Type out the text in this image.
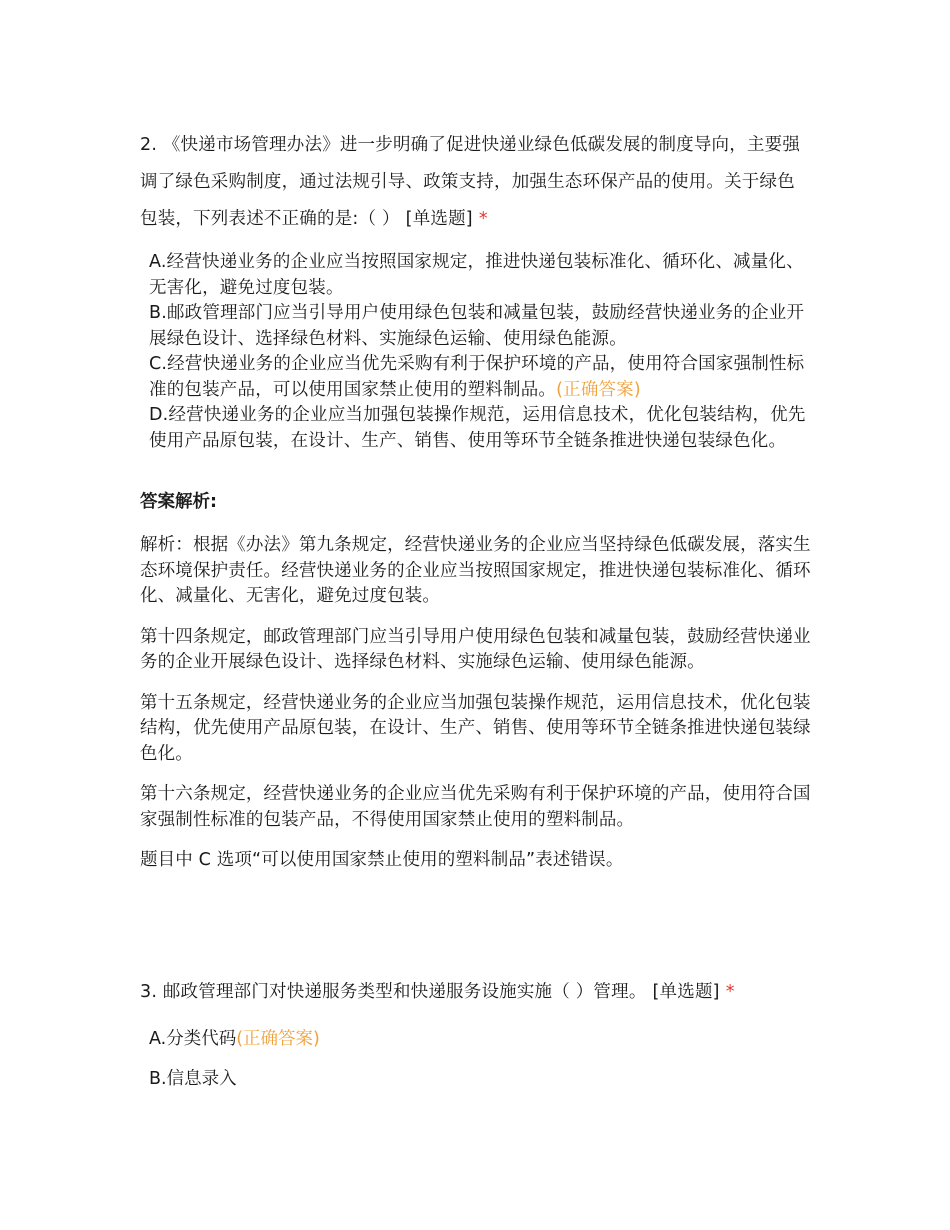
2. 《快递市场管理办法》进一步明确了促进快递业绿色低碳发展的制度导向，主要强调了绿色采购制度，通过法规引导、政策支持，加强生态环保产品的使用。关于绿色包装，下列表述不正确的是:（ ） [单选题] *
A.经营快递业务的企业应当按照国家规定，推进快递包装标准化、循环化、减量化、无害化，避免过度包装。
B.邮政管理部门应当引导用户使用绿色包装和减量包装，鼓励经营快递业务的企业开展绿色设计、选择绿色材料、实施绿色运输、使用绿色能源。
C.经营快递业务的企业应当优先采购有利于保护环境的产品，使用符合国家强制性标准的包装产品，可以使用国家禁止使用的塑料制品。(正确答案)
D.经营快递业务的企业应当加强包装操作规范，运用信息技术，优化包装结构，优先使用产品原包装，在设计、生产、销售、使用等环节全链条推进快递包装绿色化。
答案解析:

解析：根据《办法》第九条规定，经营快递业务的企业应当坚持绿色低碳发展，落实生态环境保护责任。经营快递业务的企业应当按照国家规定，推进快递包装标准化、循环化、减量化、无害化，避免过度包装。

第十四条规定，邮政管理部门应当引导用户使用绿色包装和减量包装，鼓励经营快递业务的企业开展绿色设计、选择绿色材料、实施绿色运输、使用绿色能源。

第十五条规定，经营快递业务的企业应当加强包装操作规范，运用信息技术，优化包装结构，优先使用产品原包装，在设计、生产、销售、使用等环节全链条推进快递包装绿色化。

第十六条规定，经营快递业务的企业应当优先采购有利于保护环境的产品，使用符合国家强制性标准的包装产品，不得使用国家禁止使用的塑料制品。

题目中 C 选项“可以使用国家禁止使用的塑料制品”表述错误。

3. 邮政管理部门对快递服务类型和快递服务设施实施（ ）管理。 [单选题] *
A.分类代码(正确答案)
B.信息录入
